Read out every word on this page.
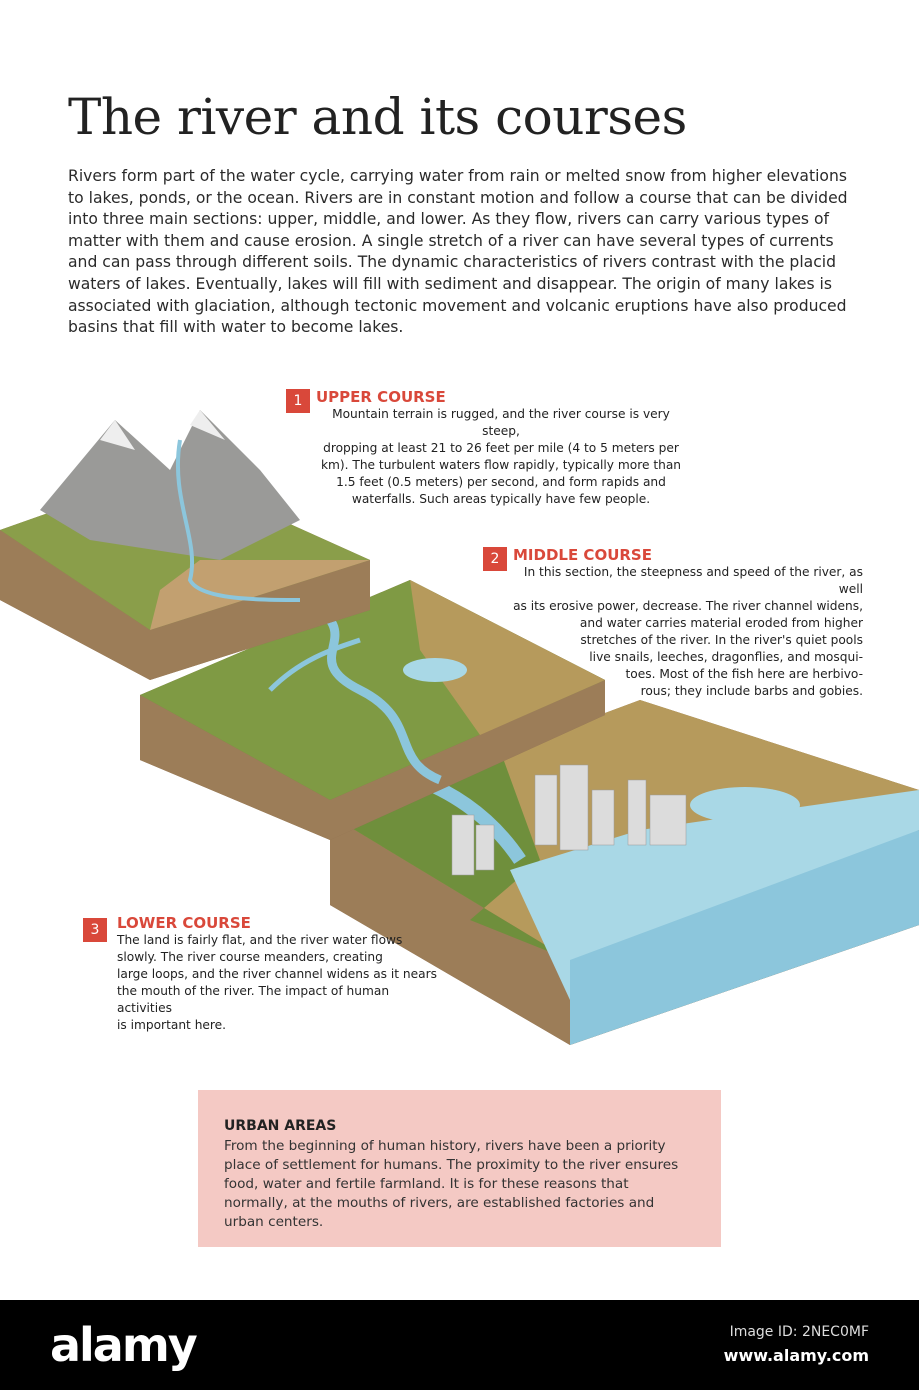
The river and its courses

Rivers form part of the water cycle, carrying water from rain or melted snow from higher elevations to lakes, ponds, or the ocean. Rivers are in constant motion and follow a course that can be divided into three main sections: upper, middle, and lower. As they flow, rivers can carry various types of matter with them and cause erosion. A single stretch of a river can have several types of currents and can pass through different soils. The dynamic characteristics of rivers contrast with the placid waters of lakes. Eventually, lakes will fill with sediment and disappear. The origin of many lakes is associated with glaciation, although tectonic movement and volcanic eruptions have also produced basins that fill with water to become lakes.

1 UPPER COURSE
Mountain terrain is rugged, and the river course is very steep,
dropping at least 21 to 26 feet per mile (4 to 5 meters per
km). The turbulent waters flow rapidly, typically more than
1.5 feet (0.5 meters) per second, and form rapids and
waterfalls. Such areas typically have few people.
2 MIDDLE COURSE
In this section, the steepness and speed of the river, as well
as its erosive power, decrease. The river channel widens,
and water carries material eroded from higher
stretches of the river. In the river's quiet pools
live snails, leeches, dragonflies, and mosqui-
toes. Most of the fish here are herbivo-
rous; they include barbs and gobies.
3	LOWER COURSE
The land is fairly flat, and the river water flows
slowly. The river course meanders, creating
large loops, and the river channel widens as it nears
the mouth of the river. The impact of human activities
is important here.
URBAN AREAS
From the beginning of human history, rivers have been a priority place of settlement for humans. The proximity to the river ensures food, water and fertile farmland. It is for these reasons that normally, at the mouths of rivers, are established factories and urban centers.
alamy	Image ID: 2NEC0MF
www.alamy.com
